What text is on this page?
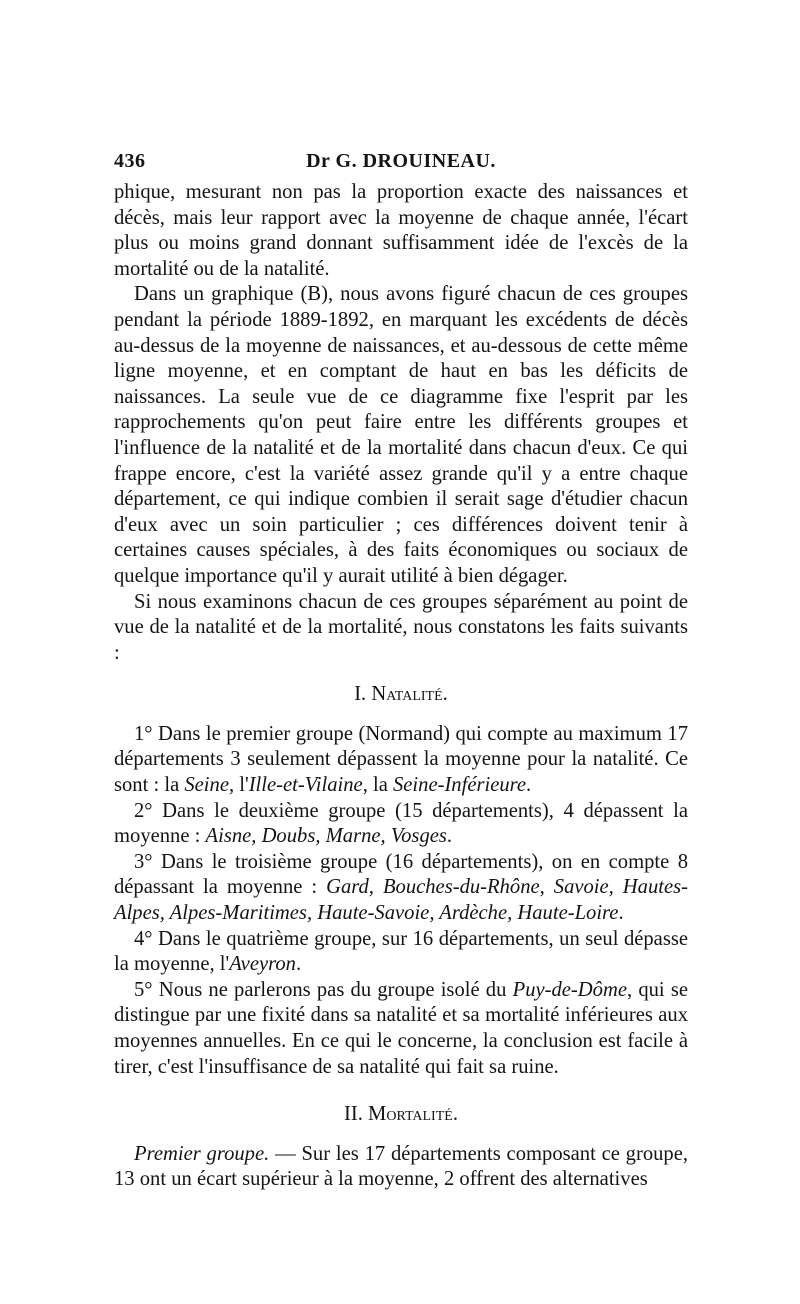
436	Dr G. DROUINEAU.

phique, mesurant non pas la proportion exacte des naissances et décès, mais leur rapport avec la moyenne de chaque année, l'écart plus ou moins grand donnant suffisamment idée de l'excès de la mortalité ou de la natalité.

Dans un graphique (B), nous avons figuré chacun de ces groupes pendant la période 1889-1892, en marquant les excédents de décès au-dessus de la moyenne de naissances, et au-dessous de cette même ligne moyenne, et en comptant de haut en bas les déficits de naissances. La seule vue de ce diagramme fixe l'esprit par les rapprochements qu'on peut faire entre les différents groupes et l'influence de la natalité et de la mortalité dans chacun d'eux. Ce qui frappe encore, c'est la variété assez grande qu'il y a entre chaque département, ce qui indique combien il serait sage d'étudier chacun d'eux avec un soin particulier ; ces différences doivent tenir à certaines causes spéciales, à des faits économiques ou sociaux de quelque importance qu'il y aurait utilité à bien dégager.

Si nous examinons chacun de ces groupes séparément au point de vue de la natalité et de la mortalité, nous constatons les faits suivants :

I. Natalité.

1° Dans le premier groupe (Normand) qui compte au maximum 17 départements 3 seulement dépassent la moyenne pour la natalité. Ce sont : la Seine, l'Ille-et-Vilaine, la Seine-Inférieure.

2° Dans le deuxième groupe (15 départements), 4 dépassent la moyenne : Aisne, Doubs, Marne, Vosges.

3° Dans le troisième groupe (16 départements), on en compte 8 dépassant la moyenne : Gard, Bouches-du-Rhône, Savoie, Hautes-Alpes, Alpes-Maritimes, Haute-Savoie, Ardèche, Haute-Loire.

4° Dans le quatrième groupe, sur 16 départements, un seul dépasse la moyenne, l'Aveyron.

5° Nous ne parlerons pas du groupe isolé du Puy-de-Dôme, qui se distingue par une fixité dans sa natalité et sa mortalité inférieures aux moyennes annuelles. En ce qui le concerne, la conclusion est facile à tirer, c'est l'insuffisance de sa natalité qui fait sa ruine.

II. Mortalité.

Premier groupe. — Sur les 17 départements composant ce groupe, 13 ont un écart supérieur à la moyenne, 2 offrent des alternatives
